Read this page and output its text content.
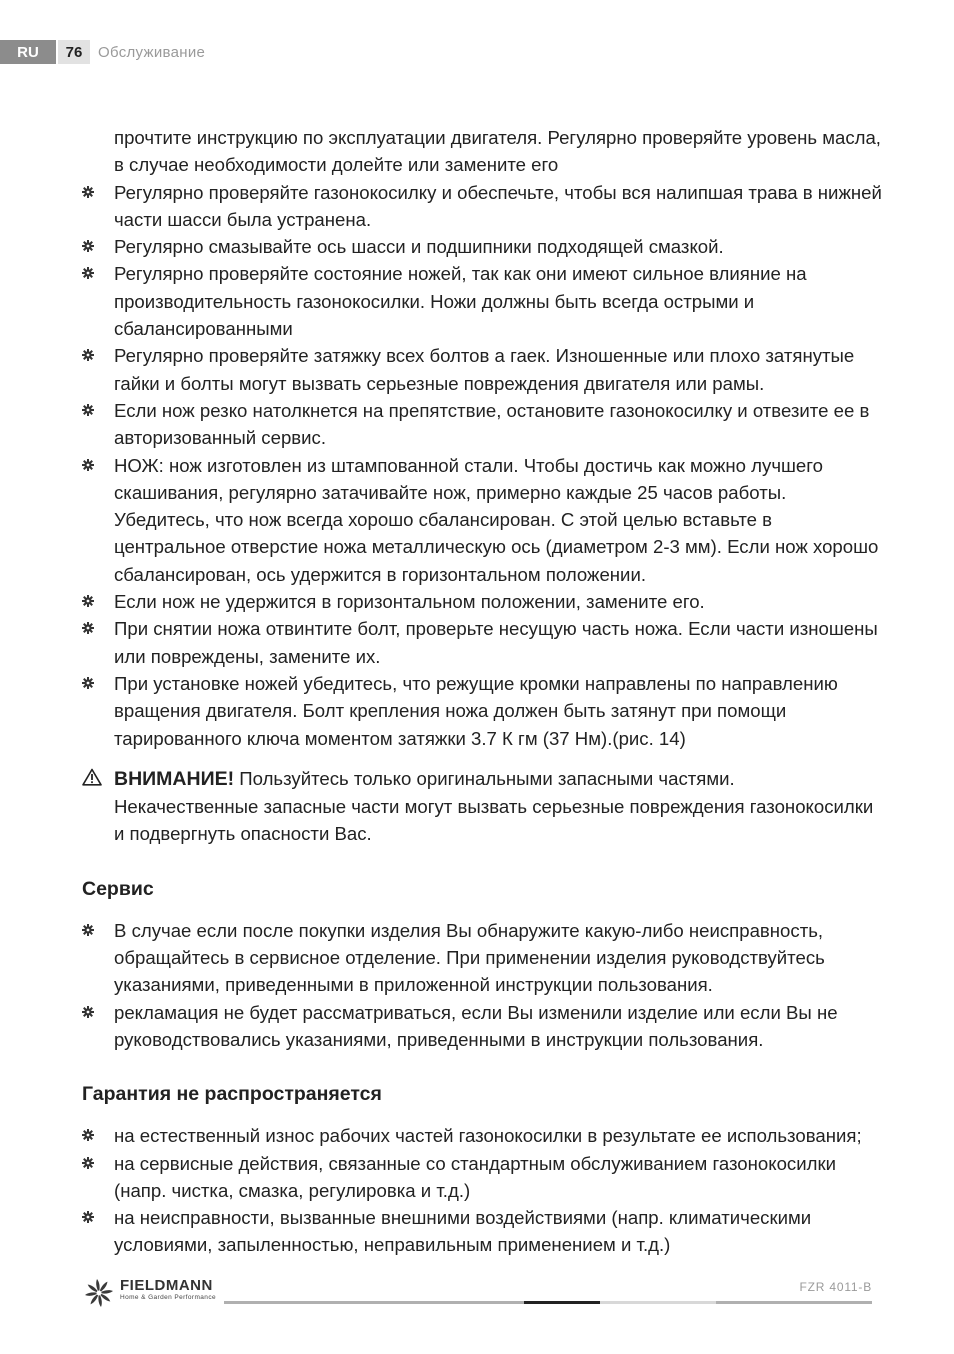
RU	76	Обслуживание

прочтите инструкцию по эксплуатации двигателя. Регулярно проверяйте уровень масла, в случае необходимости долейте или замените его

Регулярно проверяйте газонокосилку и обеспечьте, чтобы вся налипшая трава в нижней части шасси была устранена.
Регулярно смазывайте ось шасси и подшипники подходящей смазкой.
Регулярно проверяйте состояние ножей, так как они имеют сильное влияние на производительность газонокосилки. Ножи должны быть всегда острыми и сбалансированными
Регулярно проверяйте затяжку всех болтов а гаек. Изношенные или плохо затянутые гайки и болты могут вызвать серьезные повреждения двигателя или рамы.
Если нож резко натолкнется на препятствие, остановите газонокосилку и отвезите ее в авторизованный сервис.
НОЖ: нож изготовлен из штампованной стали. Чтобы достичь как можно лучшего скашивания, регулярно затачивайте нож, примерно каждые 25 часов работы. Убедитесь, что нож всегда хорошо сбалансирован. С этой целью вставьте в центральное отверстие ножа металлическую ось (диаметром 2-3 мм). Если нож хорошо сбалансирован, ось удержится в горизонтальном положении.
Если нож не удержится в горизонтальном положении, замените его.
При снятии ножа отвинтите болт, проверьте несущую часть ножа. Если части изношены или повреждены, замените их.
При установке ножей убедитесь, что режущие кромки направлены по направлению вращения двигателя. Болт крепления ножа должен быть затянут при помощи тарированного ключа моментом затяжки 3.7 К гм (37 Нм).(рис. 14)
ВНИМАНИЕ! Пользуйтесь только оригинальными запасными частями. Некачественные запасные части могут вызвать серьезные повреждения газонокосилки и подвергнуть опасности Вас.
Сервис
В случае если после покупки изделия Вы обнаружите какую-либо неисправность, обращайтесь в сервисное отделение. При применении изделия руководствуйтесь указаниями, приведенными в приложенной инструкции пользования.
рекламация не будет рассматриваться, если Вы изменили изделие или если Вы не руководствовались указаниями, приведенными в инструкции пользования.
Гарантия не распространяется
на естественный износ рабочих частей газонокосилки в результате ее использования;
на сервисные действия, связанные со стандартным обслуживанием газонокосилки (напр. чистка, смазка, регулировка и т.д.)
на неисправности, вызванные внешними воздействиями (напр. климатическими условиями, запыленностью, неправильным применением и т.д.)
FIELDMANN
Home & Garden Performance
FZR 4011-B
